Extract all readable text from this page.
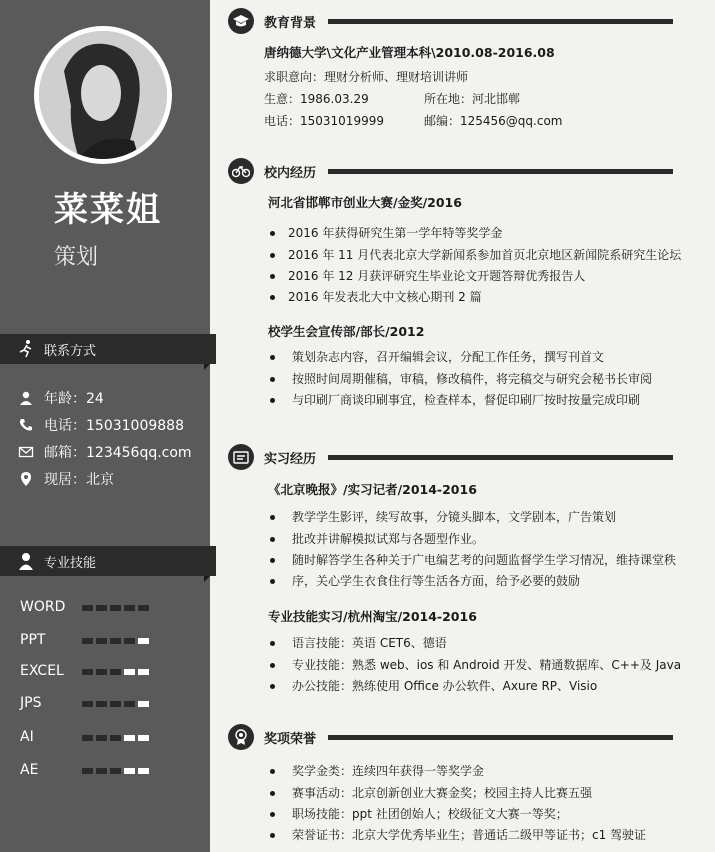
菜菜姐
策划
联系方式
年龄：24
电话：15031009888
邮箱：123456qq.com
现居：北京
专业技能
WORD
PPT
EXCEL
JPS
AI
AE
教育背景
唐纳德大学\文化产业管理本科\2010.08-2016.08
求职意向：理财分析师、理财培训讲师
生意：1986.03.29	所在地：河北邯郸
电话：15031019999	邮编：125456@qq.com
校内经历
河北省邯郸市创业大赛/金奖/2016
2016 年获得研究生第一学年特等奖学金
2016 年 11 月代表北京大学新闻系参加首页北京地区新闻院系研究生论坛
2016 年 12 月获评研究生毕业论文开题答辩优秀报告人
2016 年发表北大中文核心期刊 2 篇
校学生会宣传部/部长/2012
策划杂志内容，召开编辑会议，分配工作任务，撰写刊首文
按照时间周期催稿，审稿，修改稿件，将完稿交与研究会秘书长审阅
与印刷厂商谈印刷事宜，检查样本，督促印刷厂按时按量完成印刷
实习经历
《北京晚报》/实习记者/2014-2016
教学学生影评，续写故事，分镜头脚本，文学剧本，广告策划
批改并讲解模拟试郑与各题型作业。
随时解答学生各种关于广电编艺考的问题监督学生学习情况，维持课堂秩
序，关心学生衣食住行等生活各方面，给予必要的鼓励
专业技能实习/杭州淘宝/2014-2016
语言技能：英语 CET6、德语
专业技能：熟悉 web、ios 和 Android 开发、精通数据库、C++及 Java
办公技能：熟练使用 Office 办公软件、Axure RP、Visio
奖项荣誉
奖学金类：连续四年获得一等奖学金
赛事活动：北京创新创业大赛金奖；校园主持人比赛五强
职场技能：ppt 社团创始人；校级征文大赛一等奖；
荣誉证书：北京大学优秀毕业生；普通话二级甲等证书；c1 驾驶证
